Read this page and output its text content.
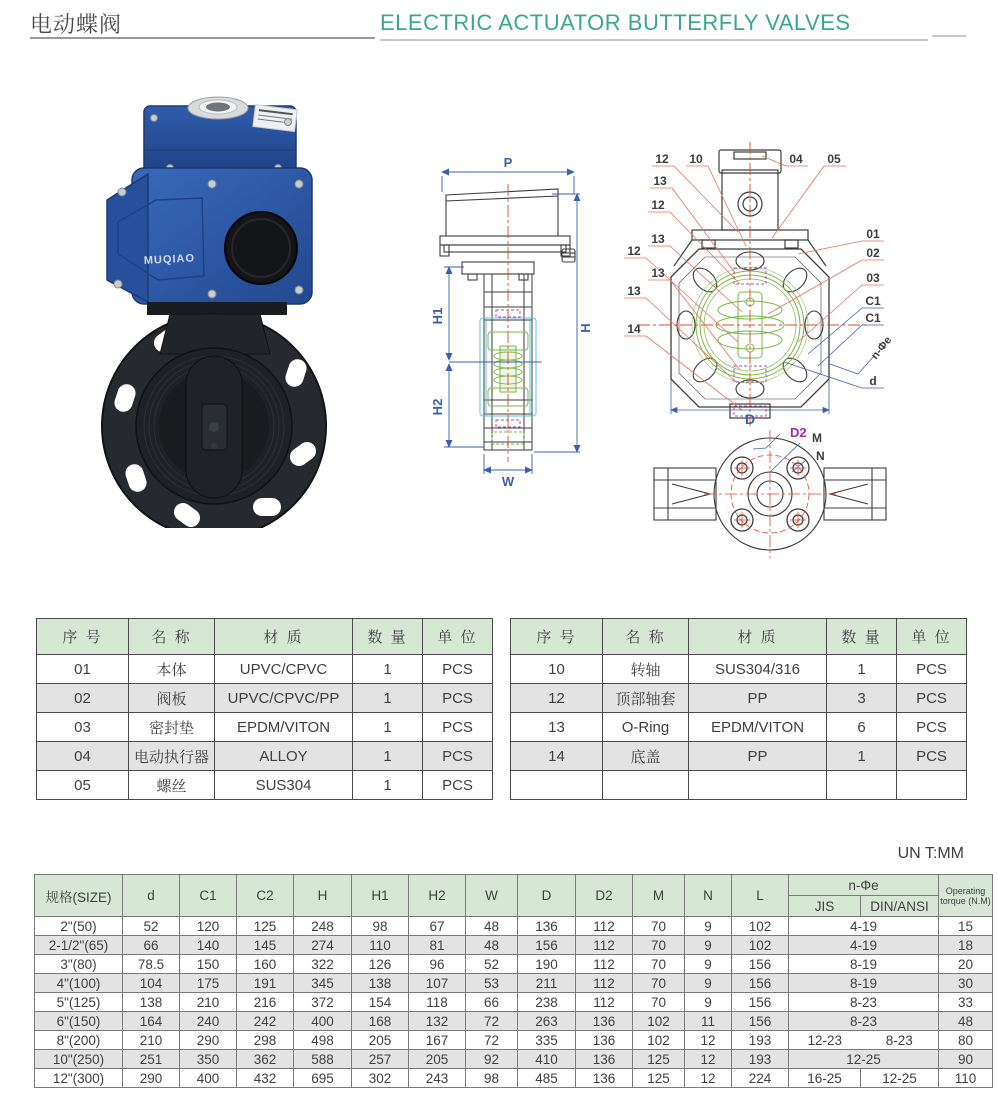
电动蝶阀	ELECTRIC ACTUATOR BUTTERFLY VALVES
MUQIAO
P
H
H1
H2
W
12 10	04 05
13
12
13
12
13
13
14
01
02
03
C1
C1
n-Φe
d
D
D2 M
N
序 号	名 称	材 质	数 量	单 位
01	本体	UPVC/CPVC	1	PCS
02	阀板	UPVC/CPVC/PP	1	PCS
03	密封垫	EPDM/VITON	1	PCS
04	电动执行器	ALLOY	1	PCS
05	螺丝	SUS304	1	PCS
序 号	名 称	材 质	数 量	单 位
10	转轴	SUS304/316	1	PCS
12	顶部轴套	PP	3	PCS
13	O-Ring	EPDM/VITON	6	PCS
14	底盖	PP	1	PCS

UN T:MM
规格(SIZE)	d	C1	C2	H	H1	H2	W	D	D2	M	N	L	n-Φe		Operating torque (N.M)
													JIS	DIN/ANSI	
2"(50)	52	120	125	248	98	67	48	136	112	70	9	102	4-19		15
2-1/2"(65)	66	140	145	274	110	81	48	156	112	70	9	102	4-19		18
3"(80)	78.5	150	160	322	126	96	52	190	112	70	9	156	8-19		20
4"(100)	104	175	191	345	138	107	53	211	112	70	9	156	8-19		30
5"(125)	138	210	216	372	154	118	66	238	112	70	9	156	8-23		33
6"(150)	164	240	242	400	168	132	72	263	136	102	11	156	8-23		48
8"(200)	210	290	298	498	205	167	72	335	136	102	12	193	12-23	8-23	80
10"(250)	251	350	362	588	257	205	92	410	136	125	12	193	12-25		90
12"(300)	290	400	432	695	302	243	98	485	136	125	12	224	16-25	12-25	110
